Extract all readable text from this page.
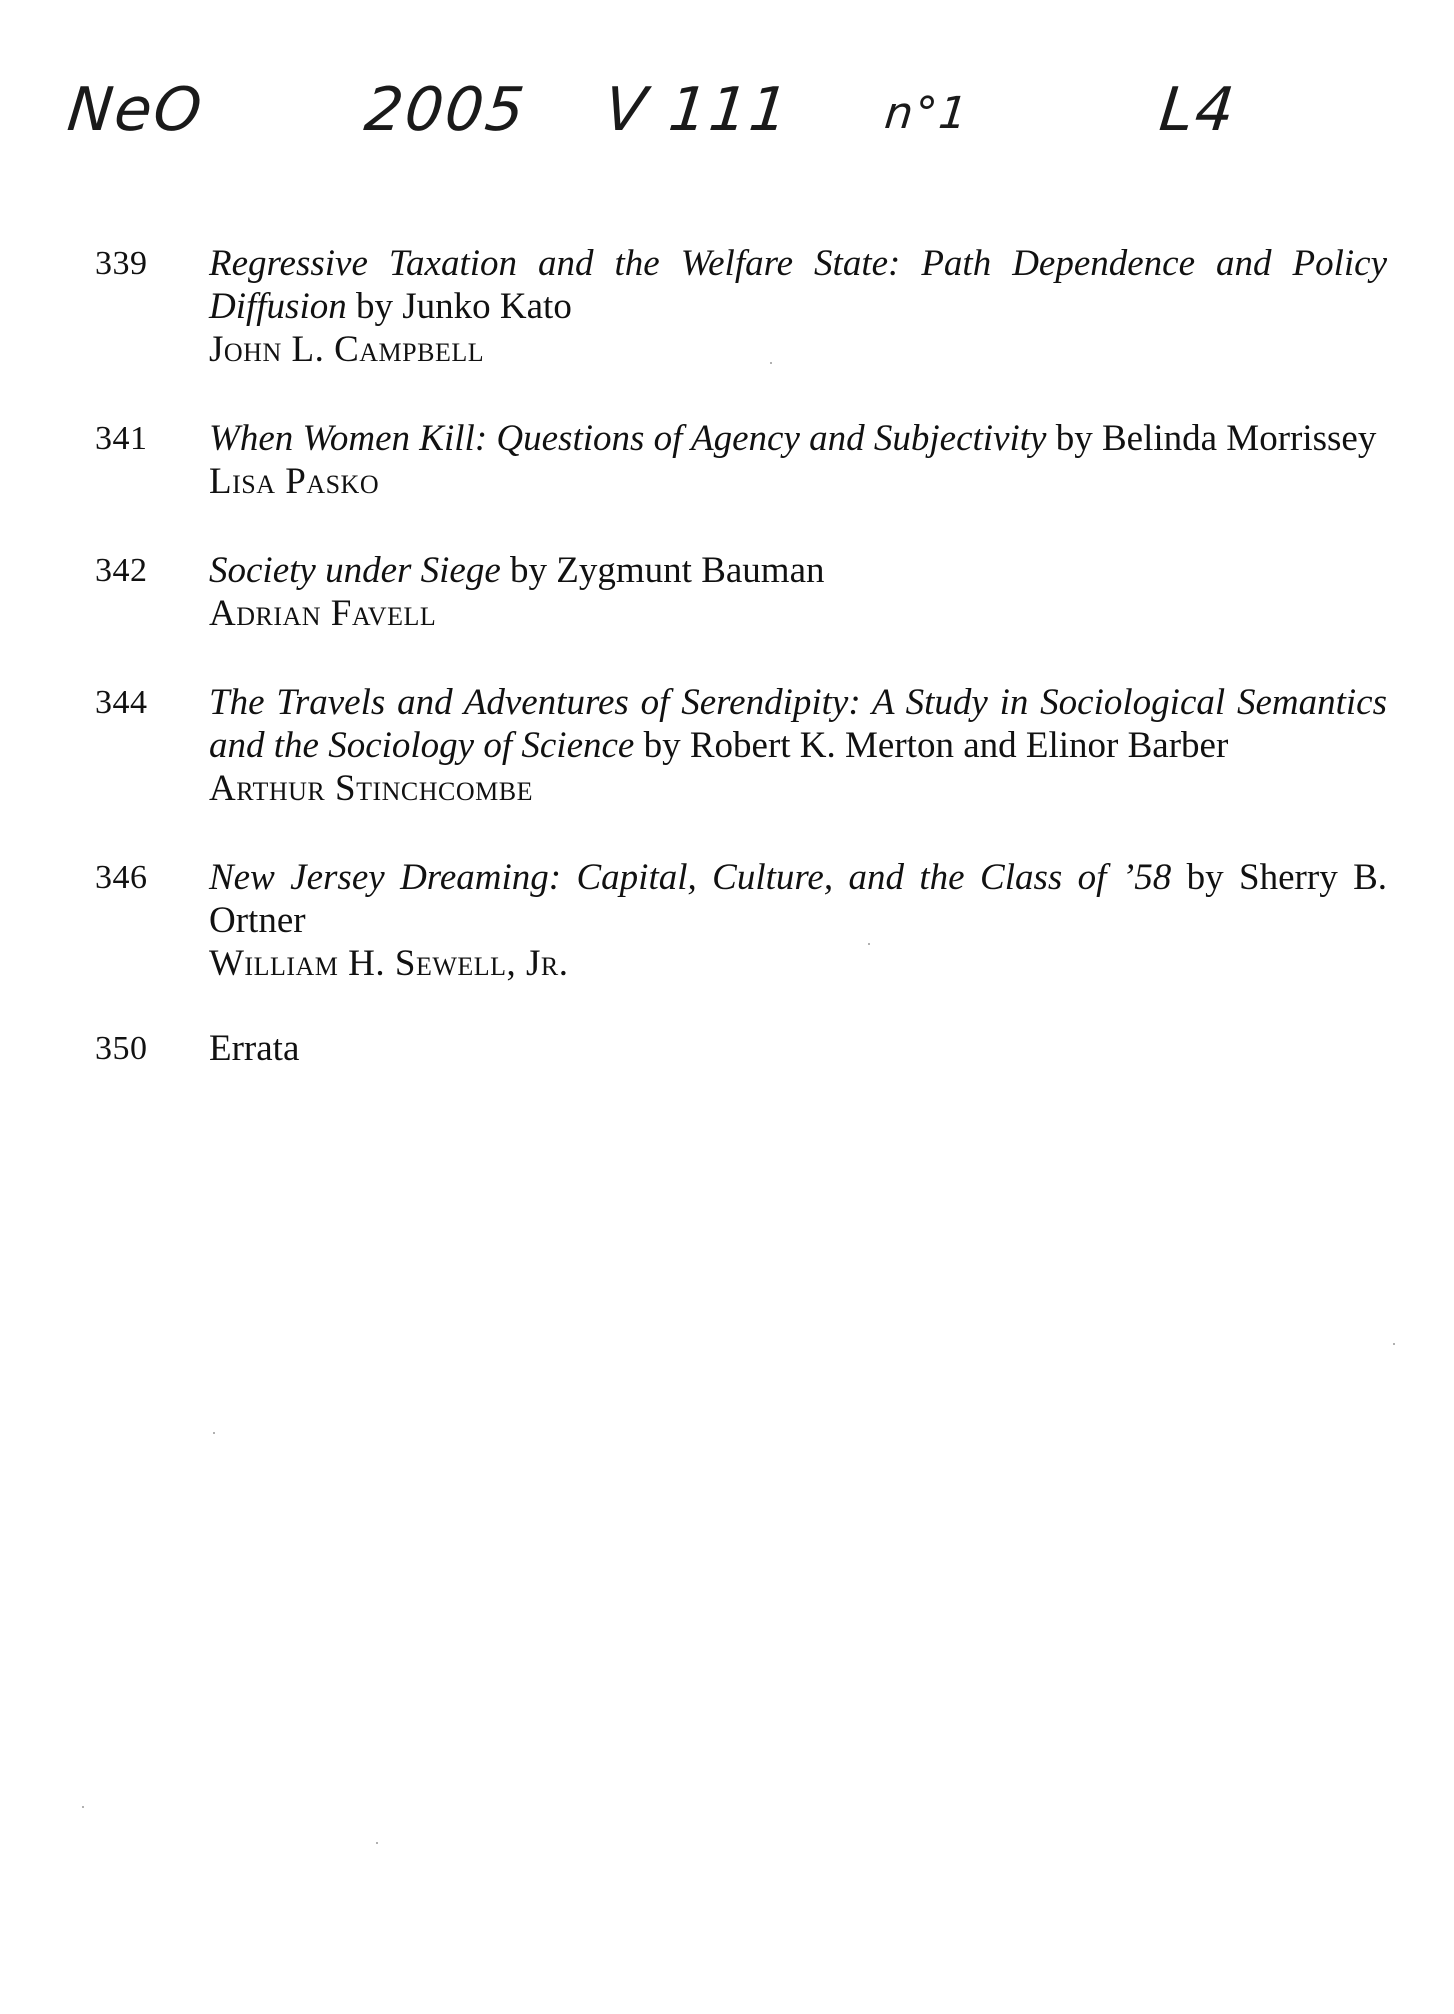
NeO	2005 V 111 n°1	L4
339	Regressive Taxation and the Welfare State: Path Dependence and Policy Diffusion by Junko Kato
John L. Campbell
341	When Women Kill: Questions of Agency and Subjectivity by Belinda Morrissey
Lisa Pasko
342	Society under Siege by Zygmunt Bauman
Adrian Favell
344	The Travels and Adventures of Serendipity: A Study in Sociological Semantics and the Sociology of Science by Robert K. Merton and Elinor Barber
Arthur Stinchcombe
346	New Jersey Dreaming: Capital, Culture, and the Class of ’58 by Sherry B. Ortner
William H. Sewell, Jr.
350	Errata
